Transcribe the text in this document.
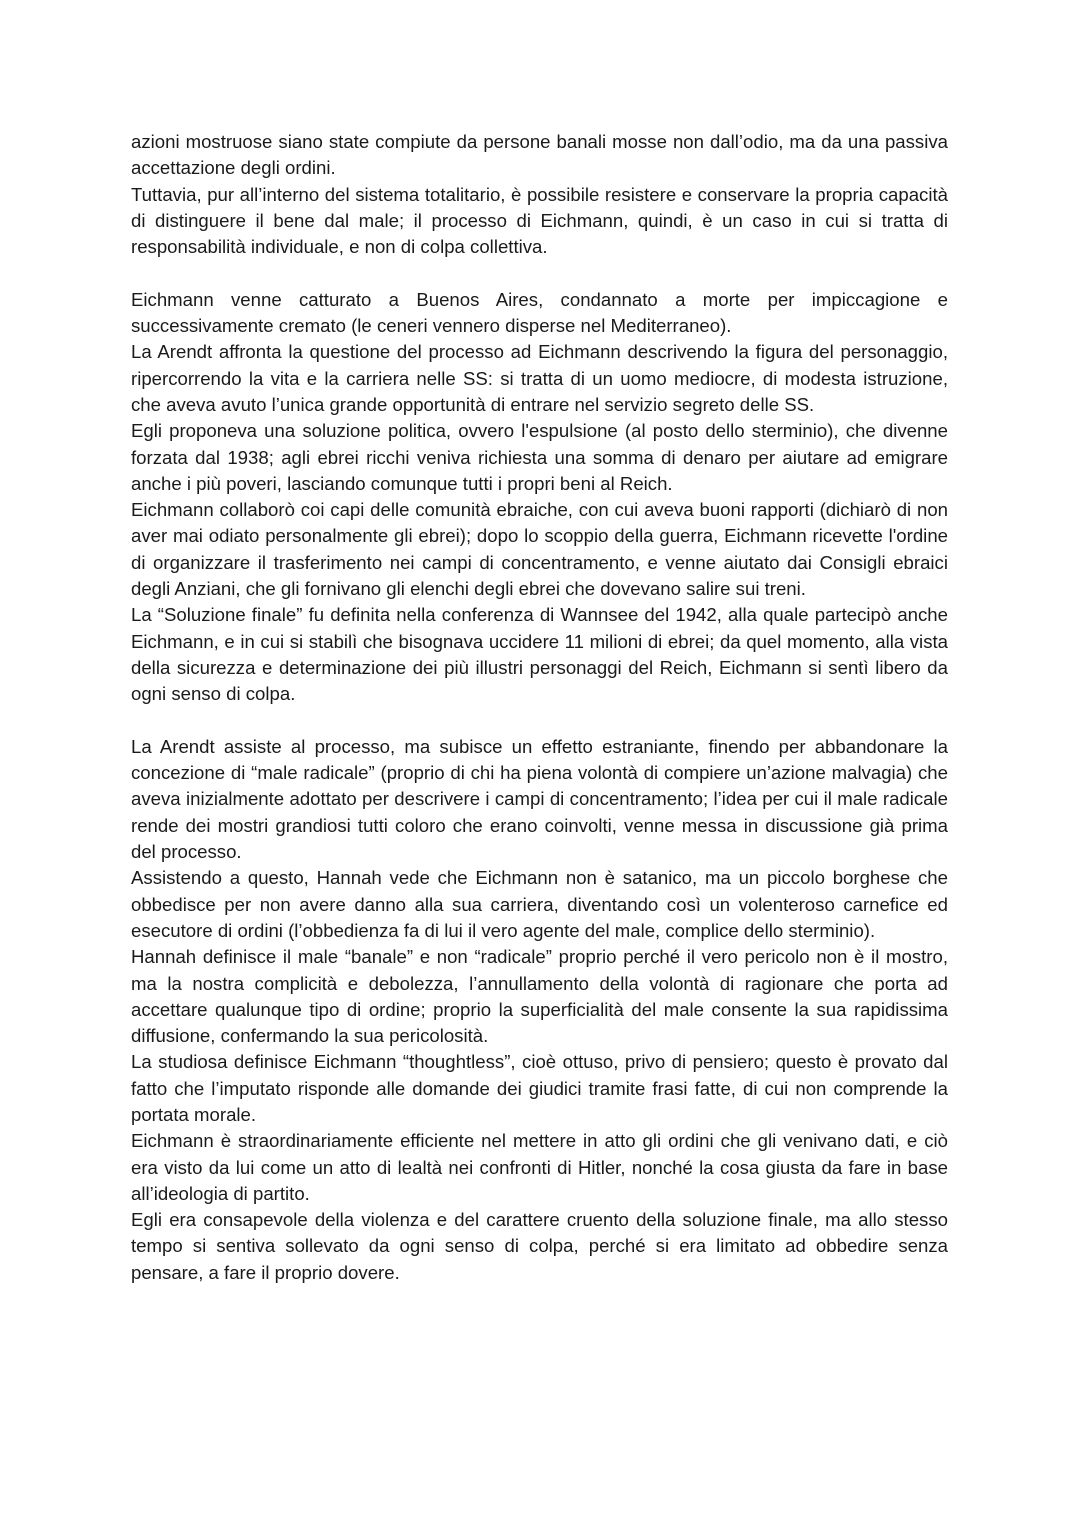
azioni mostruose siano state compiute da persone banali mosse non dall’odio, ma da una passiva accettazione degli ordini.

Tuttavia, pur all’interno del sistema totalitario, è possibile resistere e conservare la propria capacità di distinguere il bene dal male; il processo di Eichmann, quindi, è un caso in cui si tratta di responsabilità individuale, e non di colpa collettiva.

Eichmann venne catturato a Buenos Aires, condannato a morte per impiccagione e successivamente cremato (le ceneri vennero disperse nel Mediterraneo).

La Arendt affronta la questione del processo ad Eichmann descrivendo la figura del personaggio, ripercorrendo la vita e la carriera nelle SS: si tratta di un uomo mediocre, di modesta istruzione, che aveva avuto l’unica grande opportunità di entrare nel servizio segreto delle SS.

Egli proponeva una soluzione politica, ovvero l'espulsione (al posto dello sterminio), che divenne forzata dal 1938; agli ebrei ricchi veniva richiesta una somma di denaro per aiutare ad emigrare anche i più poveri, lasciando comunque tutti i propri beni al Reich.

Eichmann collaborò coi capi delle comunità ebraiche, con cui aveva buoni rapporti (dichiarò di non aver mai odiato personalmente gli ebrei); dopo lo scoppio della guerra, Eichmann ricevette l'ordine di organizzare il trasferimento nei campi di concentramento, e venne aiutato dai Consigli ebraici degli Anziani, che gli fornivano gli elenchi degli ebrei che dovevano salire sui treni.

La “Soluzione finale” fu definita nella conferenza di Wannsee del 1942, alla quale partecipò anche Eichmann, e in cui si stabilì che bisognava uccidere 11 milioni di ebrei; da quel momento, alla vista della sicurezza e determinazione dei più illustri personaggi del Reich, Eichmann si sentì libero da ogni senso di colpa.

La Arendt assiste al processo, ma subisce un effetto estraniante, finendo per abbandonare la concezione di “male radicale” (proprio di chi ha piena volontà di compiere un’azione malvagia) che aveva inizialmente adottato per descrivere i campi di concentramento; l’idea per cui il male radicale rende dei mostri grandiosi tutti coloro che erano coinvolti, venne messa in discussione già prima del processo.

Assistendo a questo, Hannah vede che Eichmann non è satanico, ma un piccolo borghese che obbedisce per non avere danno alla sua carriera, diventando così un volenteroso carnefice ed esecutore di ordini (l’obbedienza fa di lui il vero agente del male, complice dello sterminio).

Hannah definisce il male “banale” e non “radicale” proprio perché il vero pericolo non è il mostro, ma la nostra complicità e debolezza, l’annullamento della volontà di ragionare che porta ad accettare qualunque tipo di ordine; proprio la superficialità del male consente la sua rapidissima diffusione, confermando la sua pericolosità.

La studiosa definisce Eichmann “thoughtless”, cioè ottuso, privo di pensiero; questo è provato dal fatto che l’imputato risponde alle domande dei giudici tramite frasi fatte, di cui non comprende la portata morale.

Eichmann è straordinariamente efficiente nel mettere in atto gli ordini che gli venivano dati, e ciò era visto da lui come un atto di lealtà nei confronti di Hitler, nonché la cosa giusta da fare in base all’ideologia di partito.

Egli era consapevole della violenza e del carattere cruento della soluzione finale, ma allo stesso tempo si sentiva sollevato da ogni senso di colpa, perché si era limitato ad obbedire senza pensare, a fare il proprio dovere.
